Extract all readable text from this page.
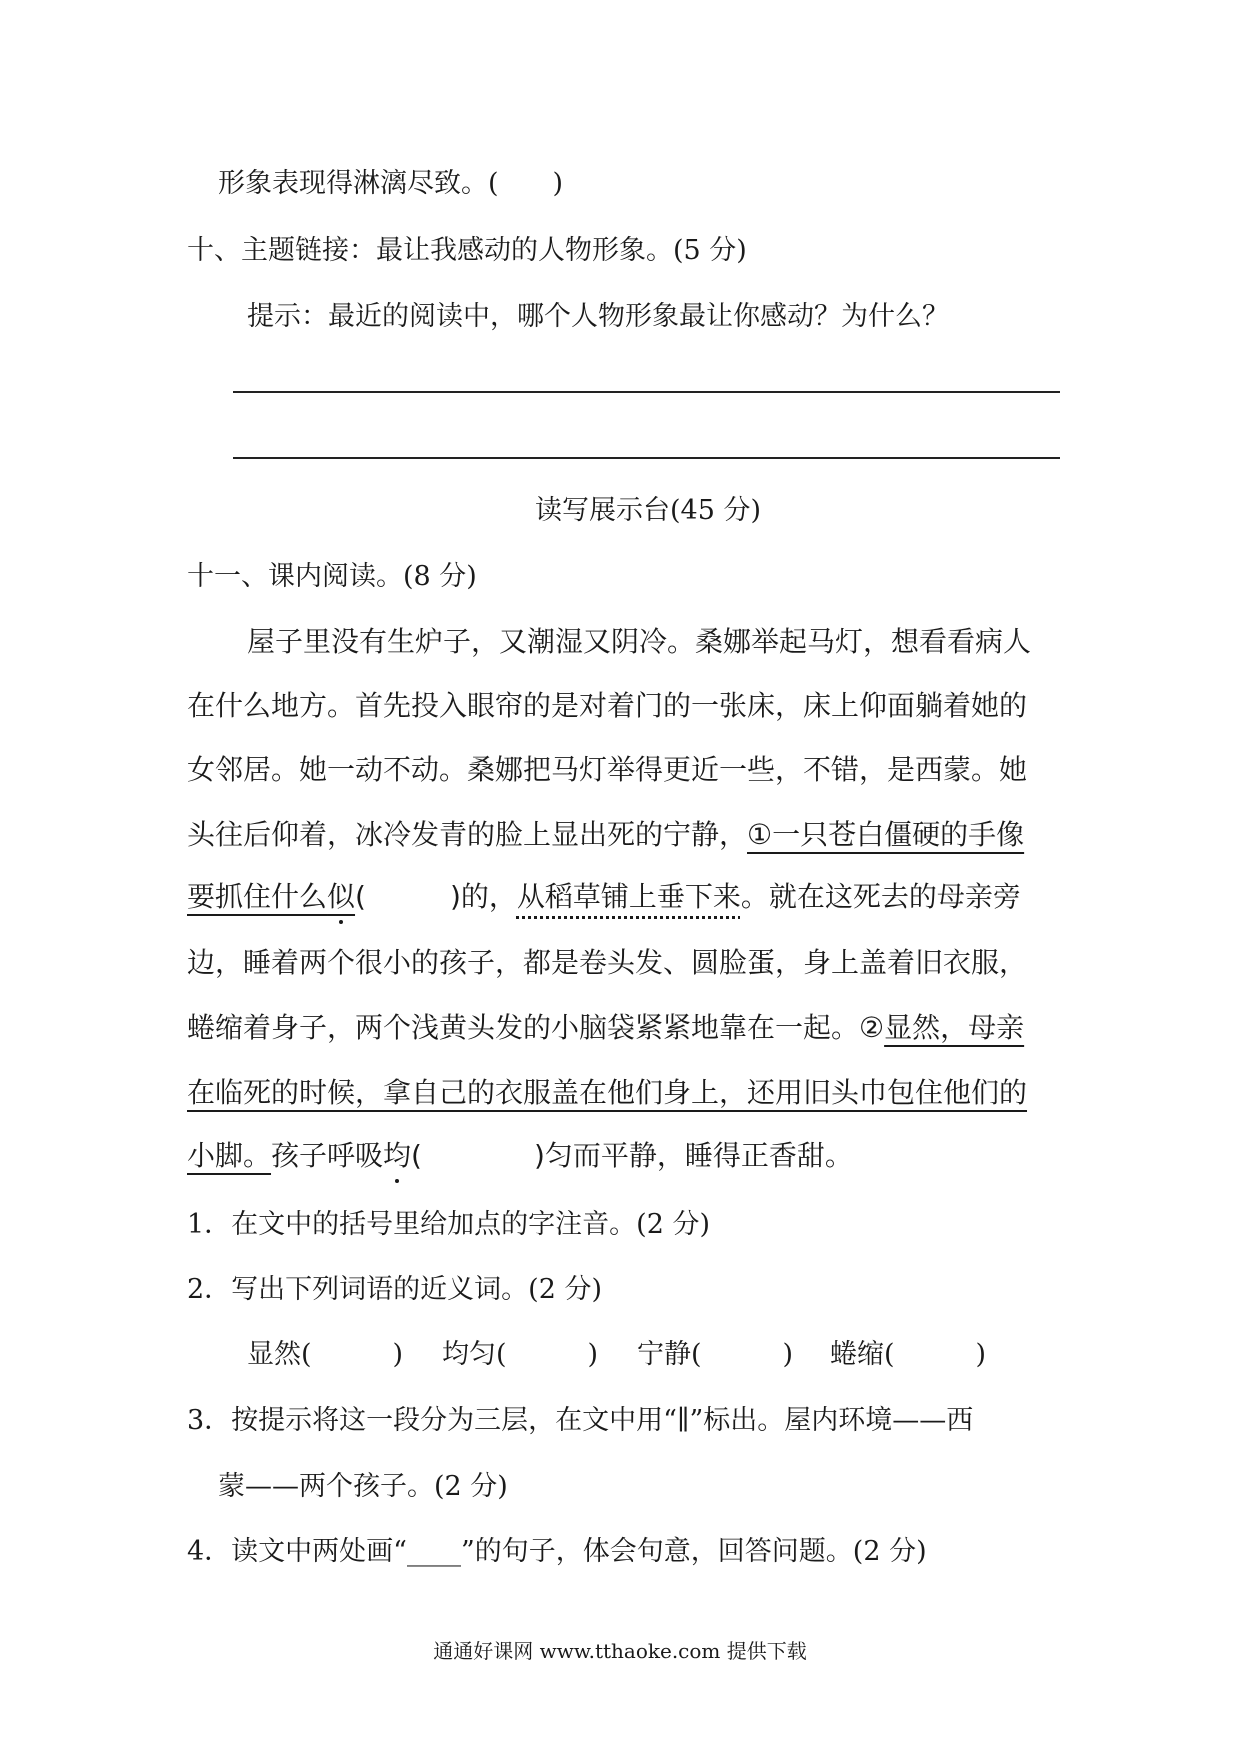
形象表现得淋漓尽致。(　　)
十、主题链接：最让我感动的人物形象。(5 分)
提示：最近的阅读中，哪个人物形象最让你感动？为什么？
读写展示台(45 分)
十一、课内阅读。(8 分)
屋子里没有生炉子，又潮湿又阴冷。桑娜举起马灯，想看看病人
在什么地方。首先投入眼帘的是对着门的一张床，床上仰面躺着她的
女邻居。她一动不动。桑娜把马灯举得更近一些，不错，是西蒙。她
头往后仰着，冰冷发青的脸上显出死的宁静，①一只苍白僵硬的手像
要抓住什么似(　　　)的，从稻草铺上垂下来。就在这死去的母亲旁
边，睡着两个很小的孩子，都是卷头发、圆脸蛋，身上盖着旧衣服，
蜷缩着身子，两个浅黄头发的小脑袋紧紧地靠在一起。②显然，母亲
在临死的时候，拿自己的衣服盖在他们身上，还用旧头巾包住他们的
小脚。孩子呼吸均(　　　　)匀而平静，睡得正香甜。
1．在文中的括号里给加点的字注音。(2 分)
2．写出下列词语的近义词。(2 分)
显然(　　　) 均匀(　　　) 宁静(　　　) 蜷缩(　　　)
3．按提示将这一段分为三层，在文中用“∥”标出。屋内环境——西
蒙——两个孩子。(2 分)
4．读文中两处画“____”的句子，体会句意，回答问题。(2 分)
通通好课网 www.tthaoke.com 提供下载
